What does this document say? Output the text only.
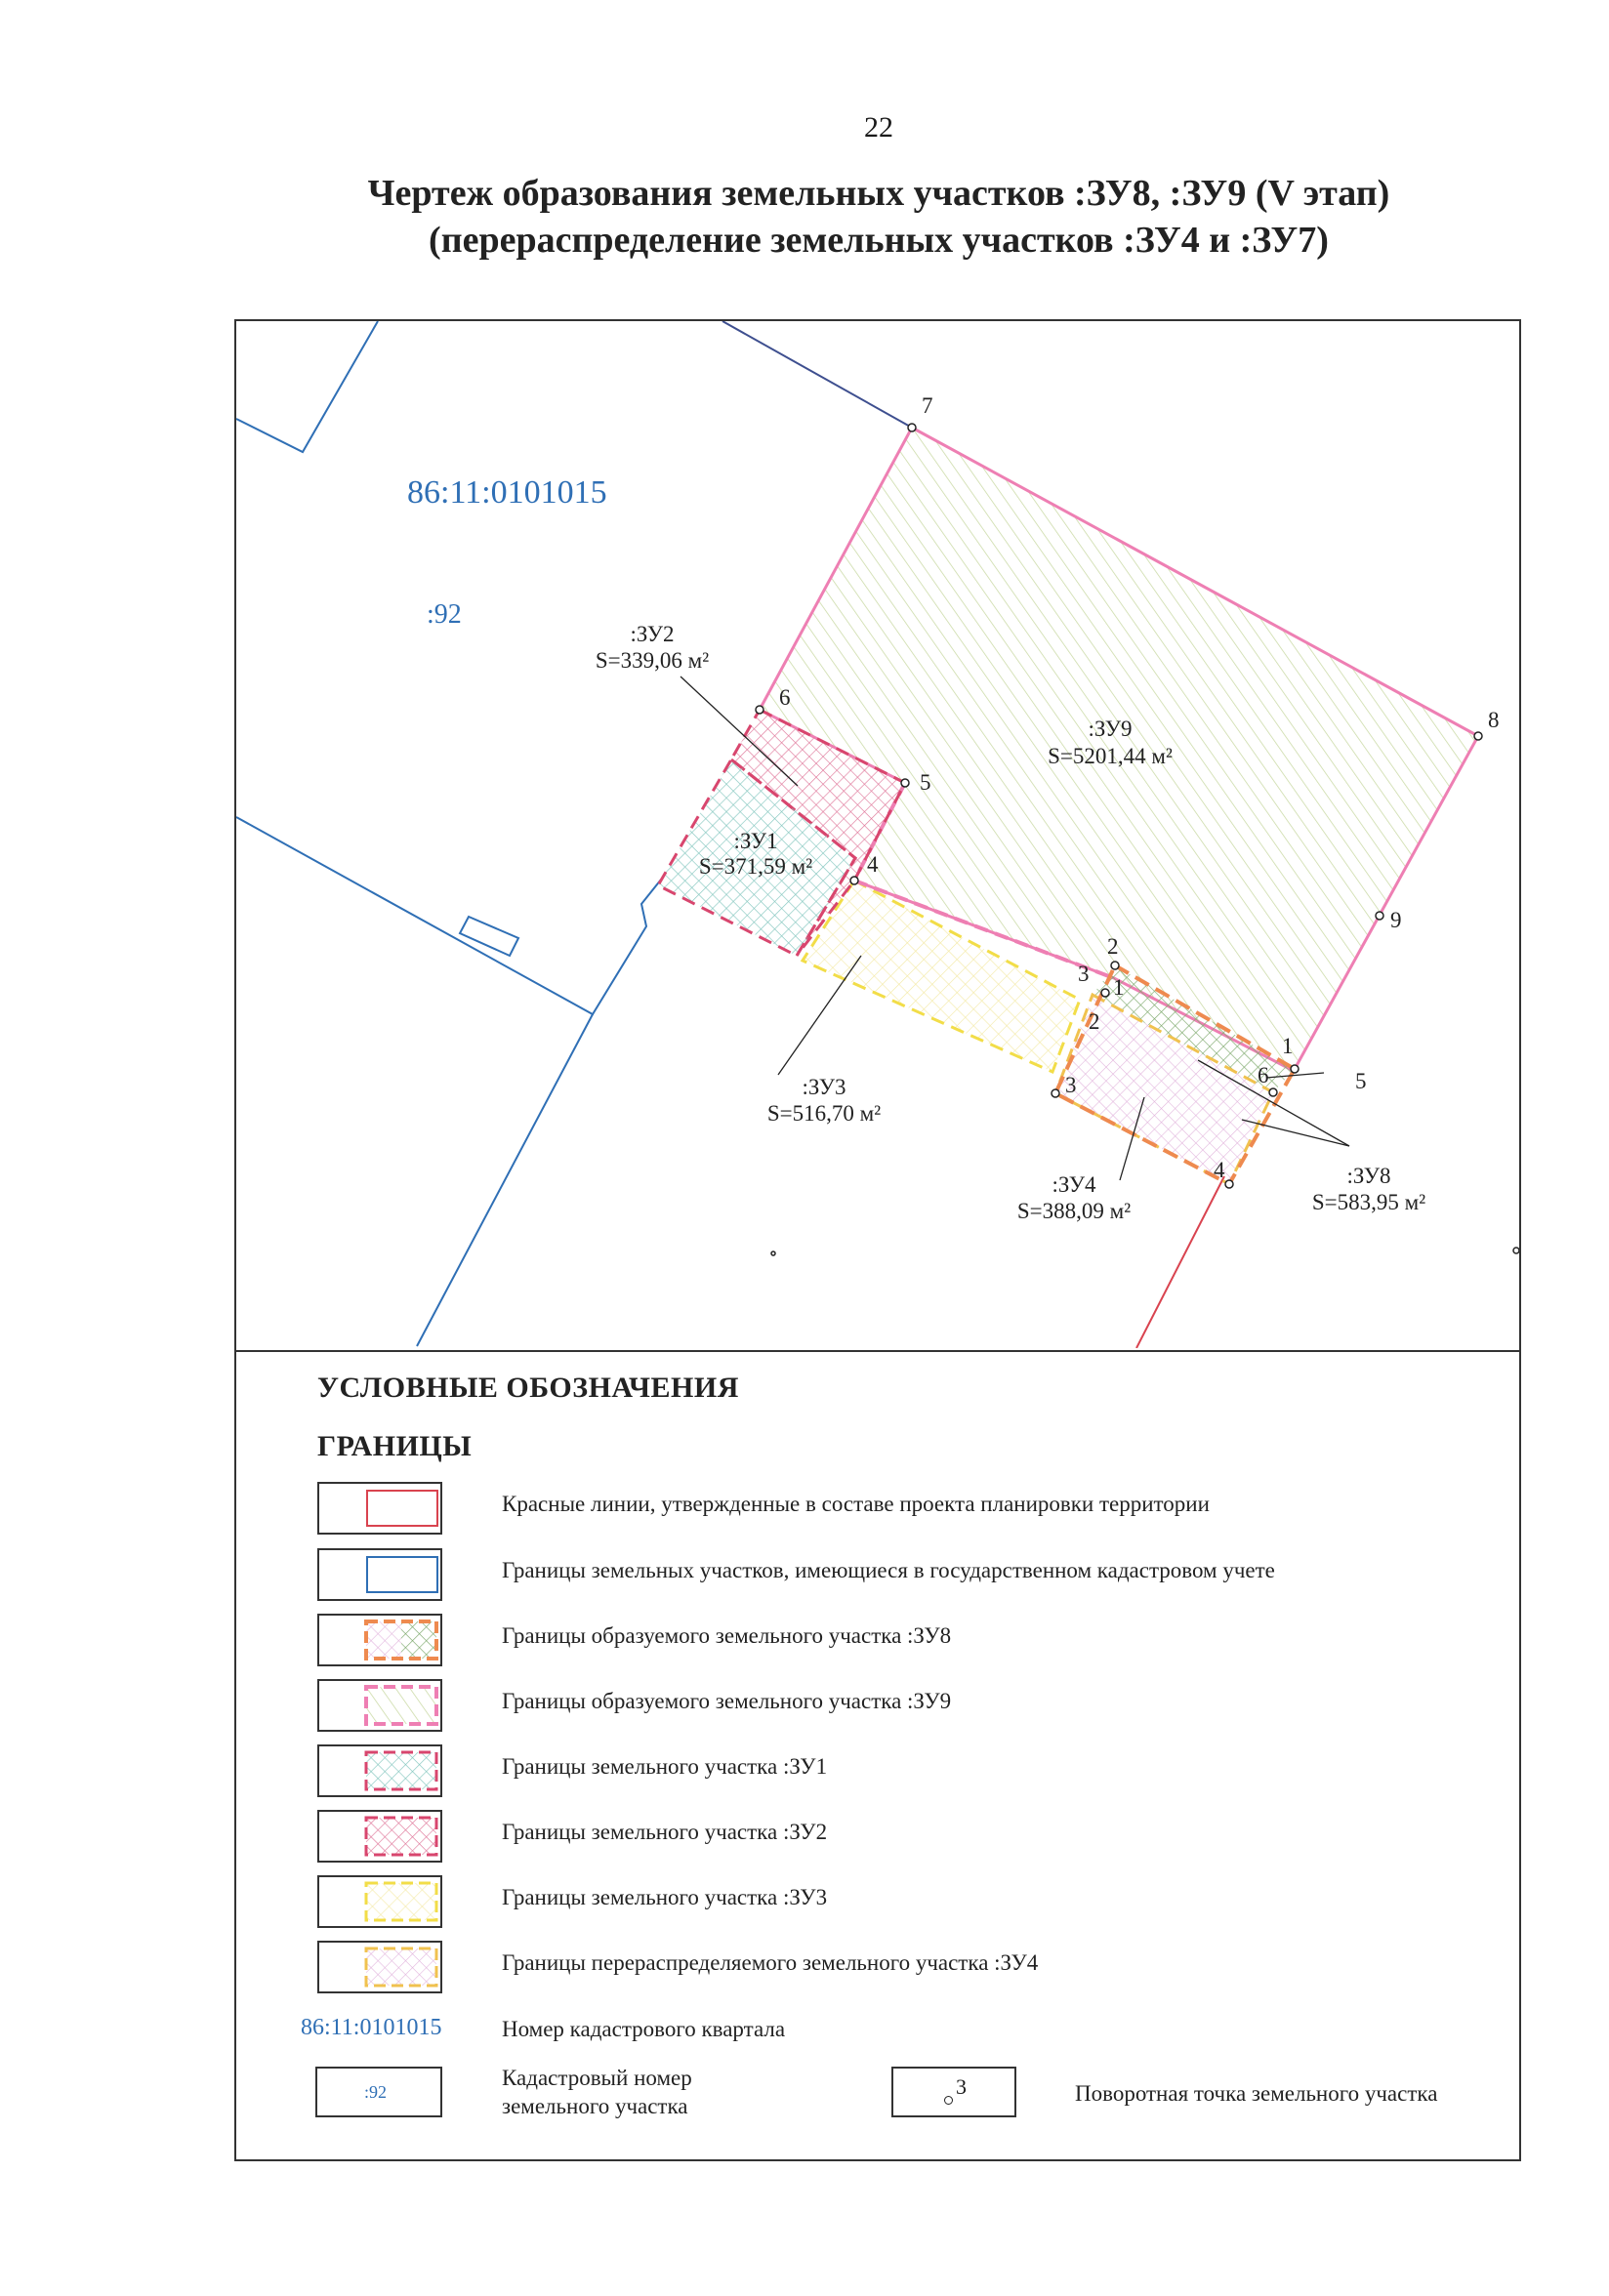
22
Чертеж образования земельных участков :ЗУ8, :ЗУ9 (V этап)
(перераспределение земельных участков :ЗУ4 и :ЗУ7)
86:11:0101015
:92
:ЗУ2
S=339,06 м²
:ЗУ9
S=5201,44 м²
:ЗУ1
S=371,59 м²
:ЗУ3
S=516,70 м²
:ЗУ4
S=388,09 м²
:ЗУ8
S=583,95 м²
7
8
9
6
5
4
2
3
1
2
3
4
1
6	5
УСЛОВНЫЕ ОБОЗНАЧЕНИЯ
ГРАНИЦЫ
Красные линии, утвержденные в составе проекта планировки территории
Границы земельных участков, имеющиеся в государственном кадастровом учете
Границы образуемого земельного участка :ЗУ8
Границы образуемого земельного участка :ЗУ9
Границы земельного участка :ЗУ1
Границы земельного участка :ЗУ2
Границы земельного участка :ЗУ3
Границы перераспределяемого земельного участка :ЗУ4
86:11:0101015	Номер кадастрового квартала
:92
Кадастровый номер
земельного участка
3	Поворотная точка земельного участка
